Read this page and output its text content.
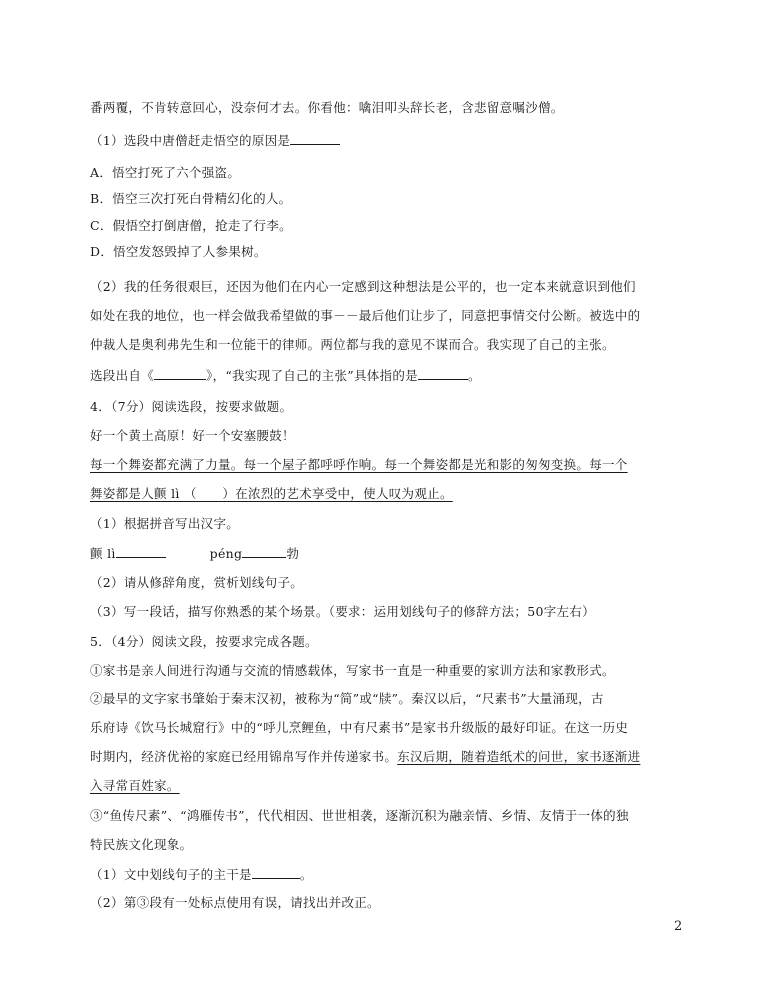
番两覆，不肯转意回心，没奈何才去。你看他：噙泪叩头辞长老，含悲留意嘱沙僧。
（1）选段中唐僧赶走悟空的原因是
A．悟空打死了六个强盗。
B．悟空三次打死白骨精幻化的人。
C．假悟空打倒唐僧，抢走了行李。
D．悟空发怒毁掉了人参果树。
（2）我的任务很艰巨，还因为他们在内心一定感到这种想法是公平的，也一定本来就意识到他们
如处在我的地位，也一样会做我希望做的事－－最后他们让步了，同意把事情交付公断。被选中的
仲裁人是奥利弗先生和一位能干的律师。两位都与我的意见不谋而合。我实现了自己的主张。
选段出自《	》，“我实现了自己的主张”具体指的是	。
4．（7分）阅读选段，按要求做题。
好一个黄土高原！好一个安塞腰鼓！
每一个舞姿都充满了力量。每一个屋子都呼呼作响。每一个舞姿都是光和影的匆匆变换。每一个
舞姿都是人颤 lì （　　）在浓烈的艺术享受中，使人叹为观止。
（1）根据拼音写出汉字。
颤 lì	péng	勃
（2）请从修辞角度，赏析划线句子。
（3）写一段话，描写你熟悉的某个场景。（要求：运用划线句子的修辞方法；50字左右）
5．（4分）阅读文段，按要求完成各题。
①家书是亲人间进行沟通与交流的情感载体，写家书一直是一种重要的家训方法和家教形式。
②最早的文字家书肇始于秦末汉初，被称为“简”或“牍”。秦汉以后，“尺素书”大量涌现，古
乐府诗《饮马长城窟行》中的“呼儿烹鲤鱼，中有尺素书”是家书升级版的最好印证。在这一历史
时期内，经济优裕的家庭已经用锦帛写作并传递家书。东汉后期，随着造纸术的问世，家书逐渐进
入寻常百姓家。
③“鱼传尺素”、“鸿雁传书”，代代相因、世世相袭，逐渐沉积为融亲情、乡情、友情于一体的独
特民族文化现象。
（1）文中划线句子的主干是	。
（2）第③段有一处标点使用有误，请找出并改正。
2
